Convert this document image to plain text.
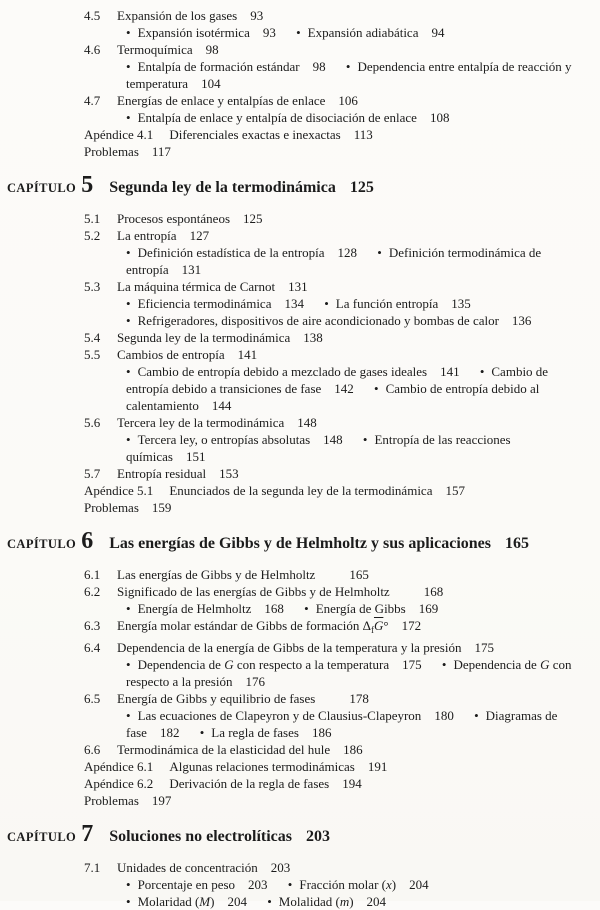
4.5 Expansión de los gases 93
• Expansión isotérmica 93 • Expansión adiabática 94
4.6 Termoquímica 98
• Entalpía de formación estándar 98 • Dependencia entre entalpía de reacción y temperatura 104
4.7 Energías de enlace y entalpías de enlace 106
• Entalpía de enlace y entalpía de disociación de enlace 108
Apéndice 4.1 Diferenciales exactas e inexactas 113
Problemas 117
CAPÍTULO 5 Segunda ley de la termodinámica 125
5.1 Procesos espontáneos 125
5.2 La entropía 127
• Definición estadística de la entropía 128 • Definición termodinámica de entropía 131
5.3 La máquina térmica de Carnot 131
• Eficiencia termodinámica 134 • La función entropía 135
• Refrigeradores, dispositivos de aire acondicionado y bombas de calor 136
5.4 Segunda ley de la termodinámica 138
5.5 Cambios de entropía 141
• Cambio de entropía debido a mezclado de gases ideales 141 • Cambio de entropía debido a transiciones de fase 142 • Cambio de entropía debido al calentamiento 144
5.6 Tercera ley de la termodinámica 148
• Tercera ley, o entropías absolutas 148 • Entropía de las reacciones químicas 151
5.7 Entropía residual 153
Apéndice 5.1 Enunciados de la segunda ley de la termodinámica 157
Problemas 159
CAPÍTULO 6 Las energías de Gibbs y de Helmholtz y sus aplicaciones 165
6.1 Las energías de Gibbs y de Helmholtz	165
6.2 Significado de las energías de Gibbs y de Helmholtz	168
• Energía de Helmholtz 168 • Energía de Gibbs 169
6.3 Energía molar estándar de Gibbs de formación $\Delta_f\overline{G}^\circ$ 172
6.4 Dependencia de la energía de Gibbs de la temperatura y la presión 175
• Dependencia de G con respecto a la temperatura 175 • Dependencia de G con respecto a la presión 176
6.5 Energía de Gibbs y equilibrio de fases	178
• Las ecuaciones de Clapeyron y de Clausius-Clapeyron 180 • Diagramas de fase 182 • La regla de fases 186
6.6 Termodinámica de la elasticidad del hule 186
Apéndice 6.1 Algunas relaciones termodinámicas 191
Apéndice 6.2 Derivación de la regla de fases 194
Problemas 197
CAPÍTULO 7 Soluciones no electrolíticas 203
7.1 Unidades de concentración 203
• Porcentaje en peso 203 • Fracción molar (x) 204
• Molaridad (M) 204 • Molalidad (m) 204
